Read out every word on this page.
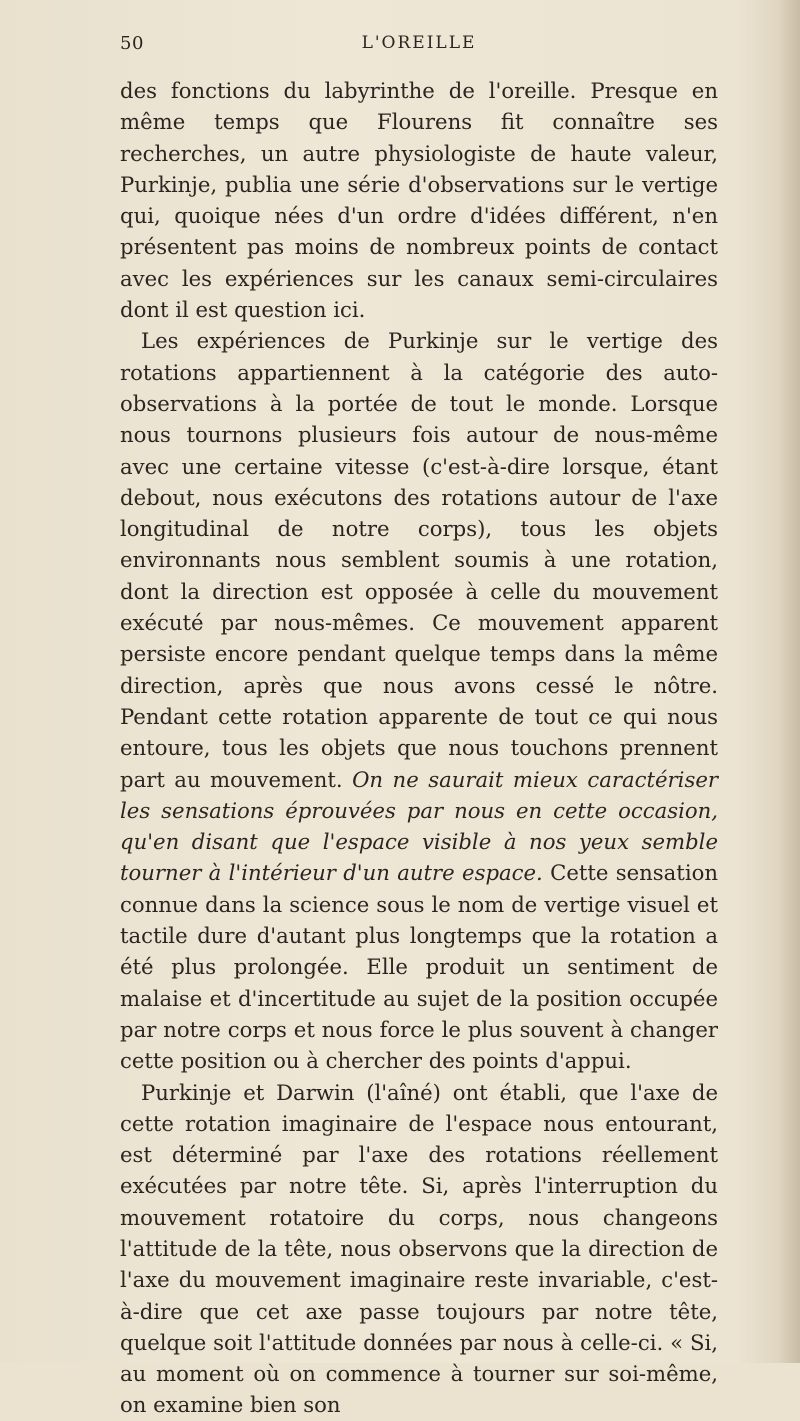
50	L'OREILLE

des fonctions du labyrinthe de l'oreille. Presque en même temps que Flourens fit connaître ses recherches, un autre physiologiste de haute valeur, Purkinje, publia une série d'observations sur le vertige qui, quoique nées d'un ordre d'idées différent, n'en présentent pas moins de nombreux points de contact avec les expériences sur les canaux semi-circulaires dont il est question ici.

Les expériences de Purkinje sur le vertige des rotations appartiennent à la catégorie des auto-observations à la portée de tout le monde. Lorsque nous tournons plusieurs fois autour de nous-même avec une certaine vitesse (c'est-à-dire lorsque, étant debout, nous exécutons des rotations autour de l'axe longitudinal de notre corps), tous les objets environnants nous semblent soumis à une rotation, dont la direction est opposée à celle du mouvement exécuté par nous-mêmes. Ce mouvement apparent persiste encore pendant quelque temps dans la même direction, après que nous avons cessé le nôtre. Pendant cette rotation apparente de tout ce qui nous entoure, tous les objets que nous touchons prennent part au mouvement. On ne saurait mieux caractériser les sensations éprouvées par nous en cette occasion, qu'en disant que l'espace visible à nos yeux semble tourner à l'intérieur d'un autre espace. Cette sensation connue dans la science sous le nom de vertige visuel et tactile dure d'autant plus longtemps que la rotation a été plus prolongée. Elle produit un sentiment de malaise et d'incertitude au sujet de la position occupée par notre corps et nous force le plus souvent à changer cette position ou à chercher des points d'appui.

Purkinje et Darwin (l'aîné) ont établi, que l'axe de cette rotation imaginaire de l'espace nous entourant, est déterminé par l'axe des rotations réellement exécutées par notre tête. Si, après l'interruption du mouvement rotatoire du corps, nous changeons l'attitude de la tête, nous observons que la direction de l'axe du mouvement imaginaire reste invariable, c'est-à-dire que cet axe passe toujours par notre tête, quelque soit l'attitude données par nous à celle-ci. « Si, au moment où on commence à tourner sur soi-même, on examine bien son
